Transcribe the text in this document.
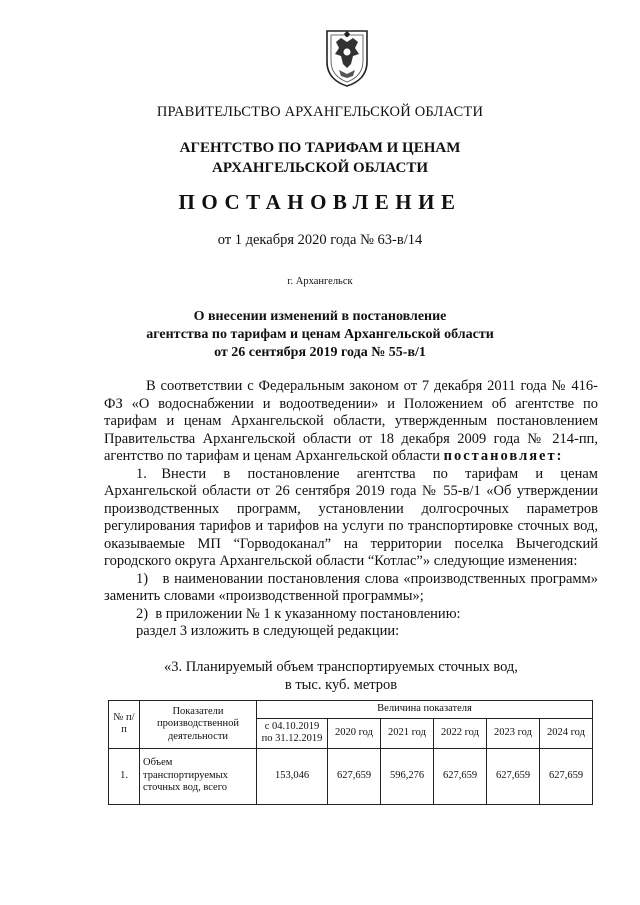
ПРАВИТЕЛЬСТВО АРХАНГЕЛЬСКОЙ ОБЛАСТИ
АГЕНТСТВО ПО ТАРИФАМ И ЦЕНАМ
АРХАНГЕЛЬСКОЙ ОБЛАСТИ
ПОСТАНОВЛЕНИЕ
от 1 декабря 2020 года № 63-в/14
г. Архангельск
О внесении изменений в постановление
агентства по тарифам и ценам Архангельской области
от 26 сентября 2019 года № 55-в/1

В соответствии с Федеральным законом от 7 декабря 2011 года № 416-ФЗ «О водоснабжении и водоотведении» и Положением об агентстве по тарифам и ценам Архангельской области, утвержденным постановлением Правительства Архангельской области от 18 декабря 2009 года № 214-пп, агентство по тарифам и ценам Архангельской области постановляет:

1. Внести в постановление агентства по тарифам и ценам Архангельской области от 26 сентября 2019 года № 55-в/1 «Об утверждении производственных программ, установлении долгосрочных параметров регулирования тарифов и тарифов на услуги по транспортировке сточных вод, оказываемые МП “Горводоканал” на территории поселка Вычегодский городского округа Архангельской области “Котлас”» следующие изменения:

1) в наименовании постановления слова «производственных программ» заменить словами «производственной программы»;

2) в приложении № 1 к указанному постановлению:

раздел 3 изложить в следующей редакции:

«3. Планируемый объем транспортируемых сточных вод,
в тыс. куб. метров
№ п/п	Показатели производственной деятельности	Величина показателя					
		с 04.10.2019 по 31.12.2019	2020 год	2021 год	2022 год	2023 год	2024 год
1.	Объем транспортируемых сточных вод, всего	153,046	627,659	596,276	627,659	627,659	627,659
